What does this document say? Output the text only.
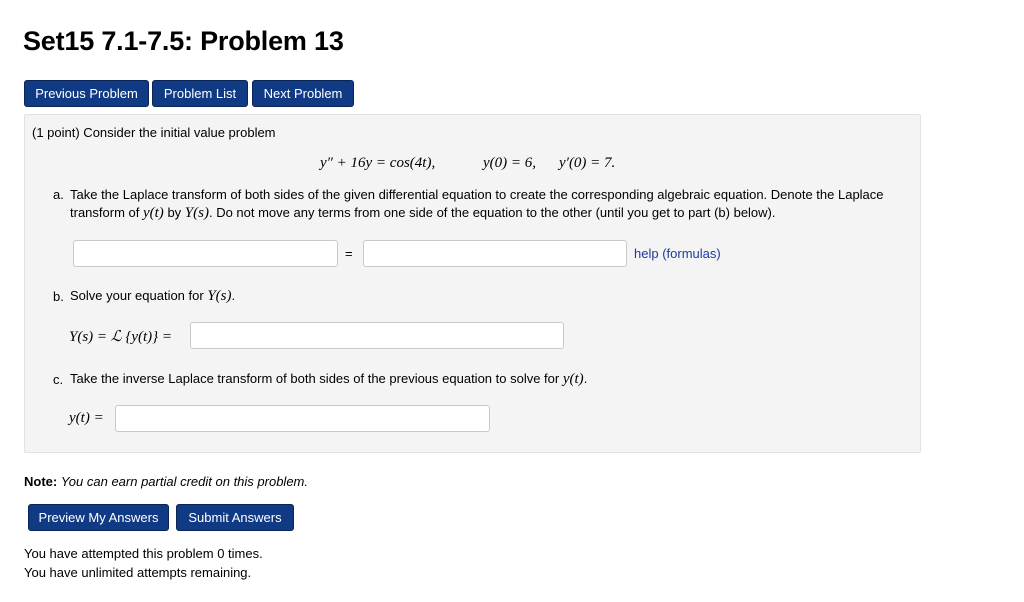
Set15 7.1-7.5: Problem 13
Previous Problem	Problem List	Next Problem
(1 point) Consider the initial value problem
y″ + 16y = cos(4t),	y(0) = 6, y′(0) = 7.
a. Take the Laplace transform of both sides of the given differential equation to create the corresponding algebraic equation. Denote the Laplace
transform of y(t) by Y(s). Do not move any terms from one side of the equation to the other (until you get to part (b) below).
=	help (formulas)
b. Solve your equation for Y(s).
Y(s) = ℒ {y(t)} =
c. Take the inverse Laplace transform of both sides of the previous equation to solve for y(t).
y(t) =
Note: You can earn partial credit on this problem.
Preview My Answers	Submit Answers
You have attempted this problem 0 times.
You have unlimited attempts remaining.
